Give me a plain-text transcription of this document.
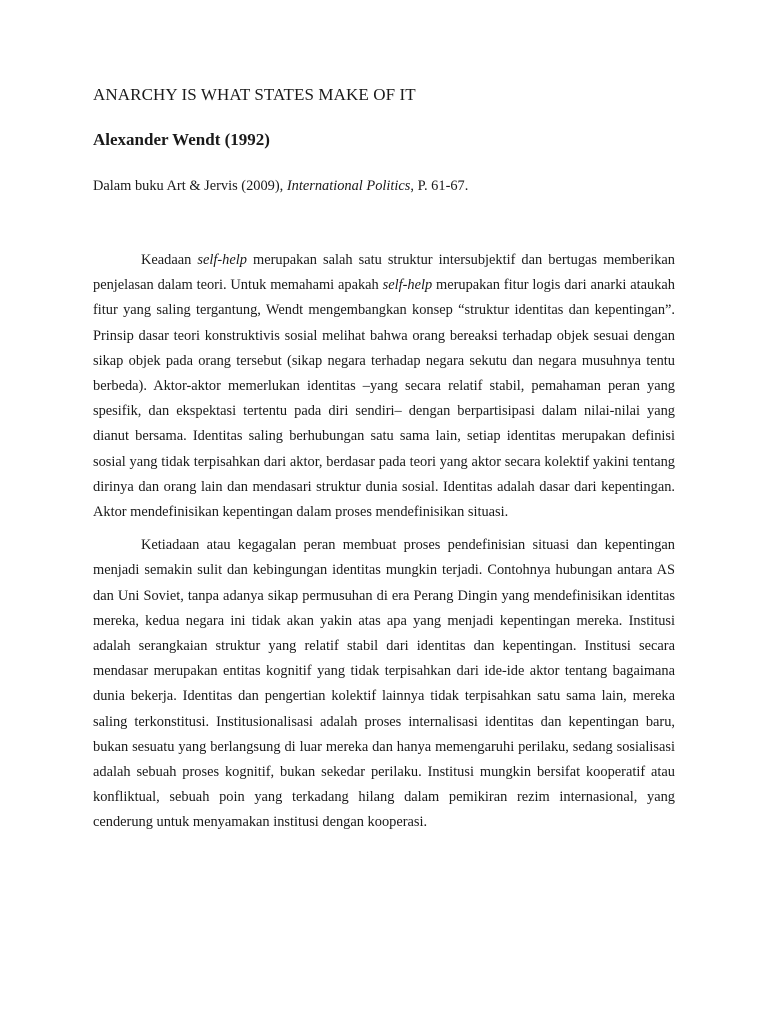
ANARCHY IS WHAT STATES MAKE OF IT

Alexander Wendt (1992)

Dalam buku Art & Jervis (2009), International Politics, P. 61-67.

Keadaan self-help merupakan salah satu struktur intersubjektif dan bertugas memberikan penjelasan dalam teori. Untuk memahami apakah self-help merupakan fitur logis dari anarki ataukah fitur yang saling tergantung, Wendt mengembangkan konsep “struktur identitas dan kepentingan”. Prinsip dasar teori konstruktivis sosial melihat bahwa orang bereaksi terhadap objek sesuai dengan sikap objek pada orang tersebut (sikap negara terhadap negara sekutu dan negara musuhnya tentu berbeda). Aktor-aktor memerlukan identitas –yang secara relatif stabil, pemahaman peran yang spesifik, dan ekspektasi tertentu pada diri sendiri– dengan berpartisipasi dalam nilai-nilai yang dianut bersama. Identitas saling berhubungan satu sama lain, setiap identitas merupakan definisi sosial yang tidak terpisahkan dari aktor, berdasar pada teori yang aktor secara kolektif yakini tentang dirinya dan orang lain dan mendasari struktur dunia sosial. Identitas adalah dasar dari kepentingan. Aktor mendefinisikan kepentingan dalam proses mendefinisikan situasi.

Ketiadaan atau kegagalan peran membuat proses pendefinisian situasi dan kepentingan menjadi semakin sulit dan kebingungan identitas mungkin terjadi. Contohnya hubungan antara AS dan Uni Soviet, tanpa adanya sikap permusuhan di era Perang Dingin yang mendefinisikan identitas mereka, kedua negara ini tidak akan yakin atas apa yang menjadi kepentingan mereka. Institusi adalah serangkaian struktur yang relatif stabil dari identitas dan kepentingan. Institusi secara mendasar merupakan entitas kognitif yang tidak terpisahkan dari ide-ide aktor tentang bagaimana dunia bekerja. Identitas dan pengertian kolektif lainnya tidak terpisahkan satu sama lain, mereka saling terkonstitusi. Institusionalisasi adalah proses internalisasi identitas dan kepentingan baru, bukan sesuatu yang berlangsung di luar mereka dan hanya memengaruhi perilaku, sedang sosialisasi adalah sebuah proses kognitif, bukan sekedar perilaku. Institusi mungkin bersifat kooperatif atau konfliktual, sebuah poin yang terkadang hilang dalam pemikiran rezim internasional, yang cenderung untuk menyamakan institusi dengan kooperasi.
